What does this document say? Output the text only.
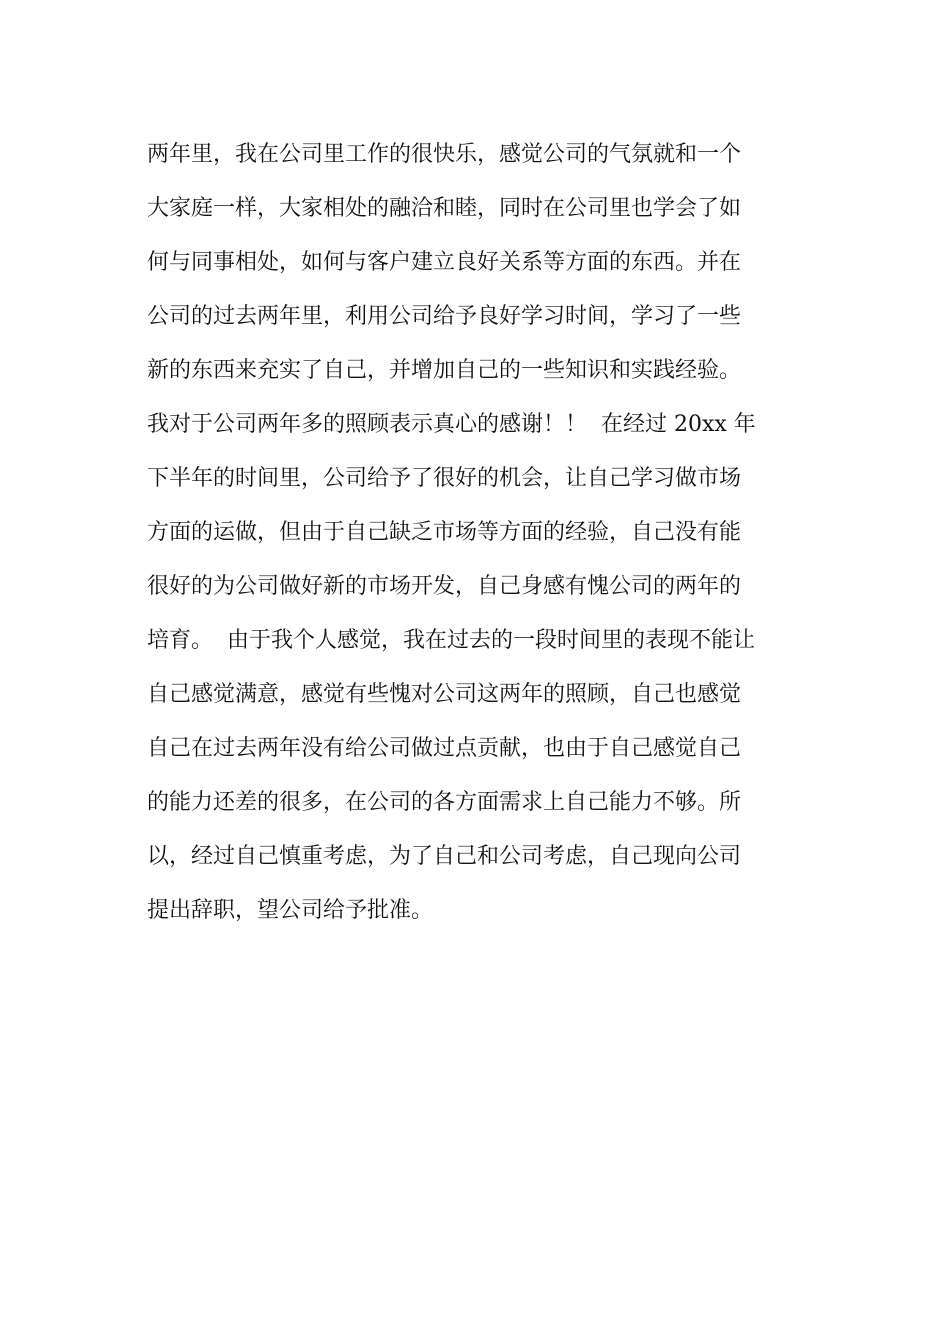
两年里，我在公司里工作的很快乐，感觉公司的气氛就和一个
大家庭一样，大家相处的融洽和睦，同时在公司里也学会了如
何与同事相处，如何与客户建立良好关系等方面的东西。并在
公司的过去两年里，利用公司给予良好学习时间，学习了一些
新的东西来充实了自己，并增加自己的一些知识和实践经验。
我对于公司两年多的照顾表示真心的感谢！！  在经过 20xx 年
下半年的时间里，公司给予了很好的机会，让自己学习做市场
方面的运做，但由于自己缺乏市场等方面的经验，自己没有能
很好的为公司做好新的市场开发，自己身感有愧公司的两年的
培育。  由于我个人感觉，我在过去的一段时间里的表现不能让
自己感觉满意，感觉有些愧对公司这两年的照顾，自己也感觉
自己在过去两年没有给公司做过点贡献，也由于自己感觉自己
的能力还差的很多，在公司的各方面需求上自己能力不够。所
以，经过自己慎重考虑，为了自己和公司考虑，自己现向公司
提出辞职，望公司给予批准。
